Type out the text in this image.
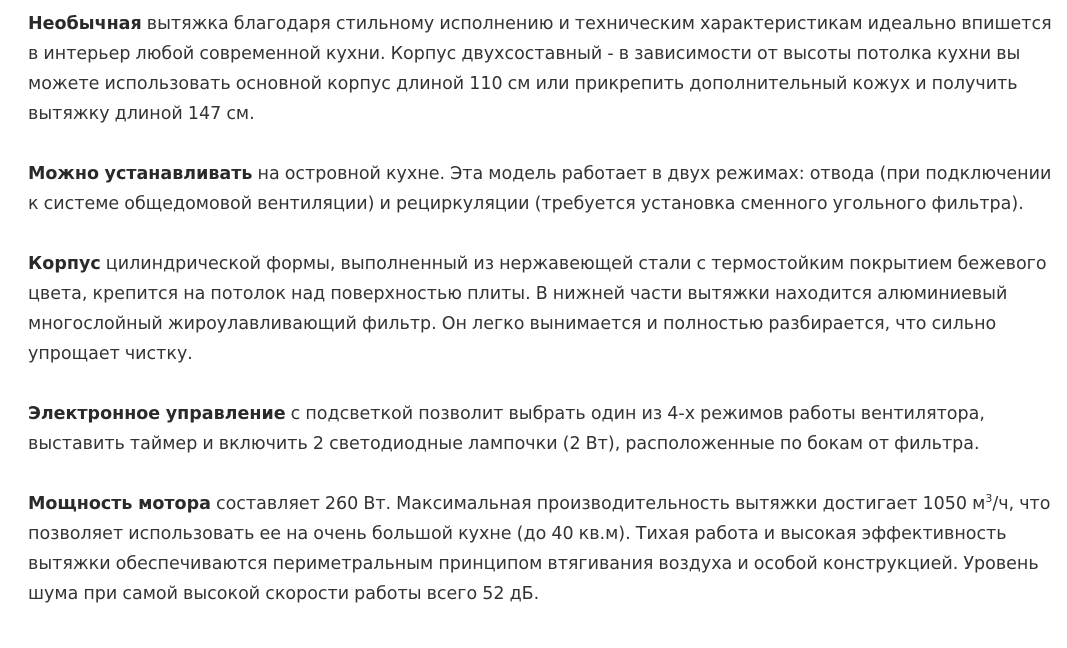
Необычная вытяжка благодаря стильному исполнению и техническим характеристикам идеально впишется в интерьер любой современной кухни. Корпус двухсоставный - в зависимости от высоты потолка кухни вы можете использовать основной корпус длиной 110 см или прикрепить дополнительный кожух и получить вытяжку длиной 147 см.

Можно устанавливать на островной кухне. Эта модель работает в двух режимах: отвода (при подключении к системе общедомовой вентиляции) и рециркуляции (требуется установка сменного угольного фильтра).

Корпус цилиндрической формы, выполненный из нержавеющей стали с термостойким покрытием бежевого цвета, крепится на потолок над поверхностью плиты. В нижней части вытяжки находится алюминиевый многослойный жироулавливающий фильтр. Он легко вынимается и полностью разбирается, что сильно упрощает чистку.

Электронное управление с подсветкой позволит выбрать один из 4-х режимов работы вентилятора, выставить таймер и включить 2 светодиодные лампочки (2 Вт), расположенные по бокам от фильтра.

Мощность мотора составляет 260 Вт. Максимальная производительность вытяжки достигает 1050 $м^3/ч$, что позволяет использовать ее на очень большой кухне (до 40 кв.м). Тихая работа и высокая эффективность вытяжки обеспечиваются периметральным принципом втягивания воздуха и особой конструкцией. Уровень шума при самой высокой скорости работы всего 52 дБ.
